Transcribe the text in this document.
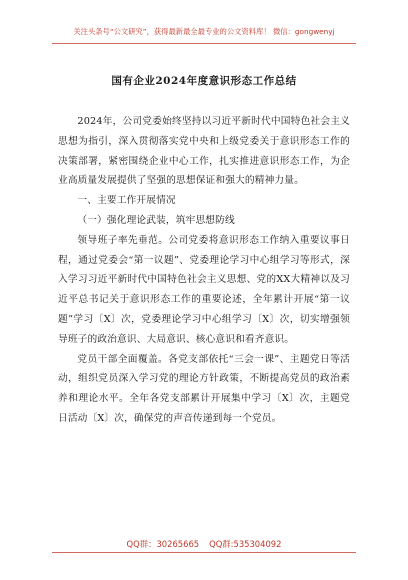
关注头条号“公文研究”，获得最新最全最专业的公文资料库！ 微信：gongwenyj
国有企业2024年度意识形态工作总结

2024年，公司党委始终坚持以习近平新时代中国特色社会主义思想为指引，深入贯彻落实党中央和上级党委关于意识形态工作的决策部署，紧密围绕企业中心工作，扎实推进意识形态工作，为企业高质量发展提供了坚强的思想保证和强大的精神力量。

一、主要工作开展情况

（一）强化理论武装，筑牢思想防线

领导班子率先垂范。公司党委将意识形态工作纳入重要议事日程，通过党委会“第一议题”、党委理论学习中心组学习等形式，深入学习习近平新时代中国特色社会主义思想、党的XX大精神以及习近平总书记关于意识形态工作的重要论述，全年累计开展“第一议题”学习〔X〕次，党委理论学习中心组学习〔X〕次，切实增强领导班子的政治意识、大局意识、核心意识和看齐意识。

党员干部全面覆盖。各党支部依托“三会一课”、主题党日等活动，组织党员深入学习党的理论方针政策，不断提高党员的政治素养和理论水平。全年各党支部累计开展集中学习〔X〕次，主题党日活动〔X〕次，确保党的声音传递到每一个党员。

QQ群：30265665 QQ群:535304092
